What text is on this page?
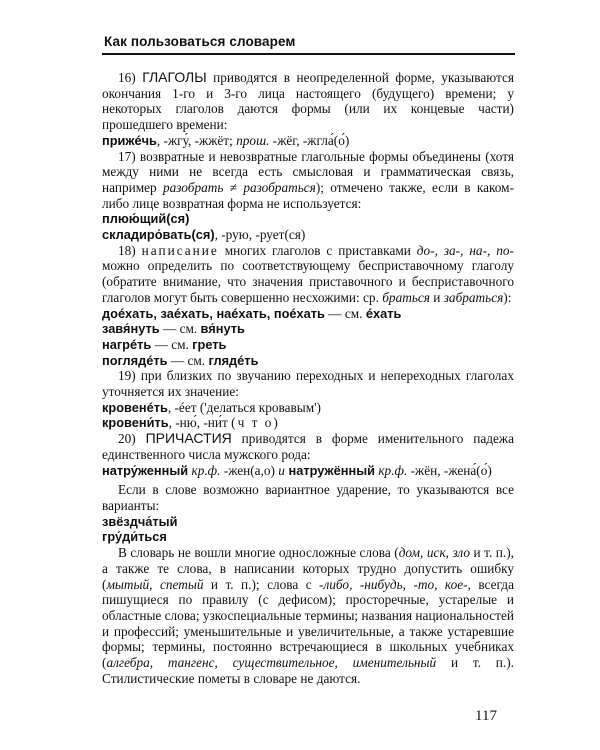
Как пользоваться словарем

16) ГЛАГОЛЫ приводятся в неопределенной форме, указываются окончания 1-го и 3-го лица настоящего (будущего) времени; у некоторых глаголов даются формы (или их концевые части) прошедшего времени:

прижéчь, -жгу́, -жжёт; прош. -жёг, -жгла́(о́)

17) возвратные и невозвратные глагольные формы объединены (хотя между ними не всегда есть смысловая и грамматическая связь, например разобрать ≠ разобраться); отмечено также, если в каком-либо лице возвратная форма не используется:

плюю́щий(ся)

складиро́вать(ся), -рую, -рует(ся)

18) написание многих глаголов с приставками до-, за-, на-, по- можно определить по соответствующему бесприставочному глаголу (обратите внимание, что значения приставочного и бесприставочного глаголов могут быть совершенно несхожими: ср. браться и забраться):

доéхать, заéхать, наéхать, поéхать — см. éхать

завя́нуть — см. вя́нуть

нагрéть — см. греть

поглядéть — см. глядéть

19) при близких по звучанию переходных и непереходных глаголах уточняется их значение:

кровенéть, -éет ('делаться кровавым')

кровени́ть, -ню́, -ни́т (ч т о)

20) ПРИЧАСТИЯ приводятся в форме именительного падежа единственного числа мужского рода:

натру́женный кр.ф. -жен(а,о) и натружённый кр.ф. -жён, -жена́(о́)

Если в слове возможно вариантное ударение, то указываются все варианты:

звёздча́тый

гру́ди́ться

В словарь не вошли многие односложные слова (дом, иск, зло и т. п.), а также те слова, в написании которых трудно допустить ошибку (мытый, спетый и т. п.); слова с -либо, -нибудь, -то, кое-, всегда пишущиеся по правилу (с дефисом); просторечные, устарелые и областные слова; узкоспециальные термины; названия национальностей и профессий; уменьшительные и увеличительные, а также устаревшие формы; термины, постоянно встречающиеся в школьных учебниках (алгебра, тангенс, существительное, именительный и т. п.). Стилистические пометы в словаре не даются.

117
